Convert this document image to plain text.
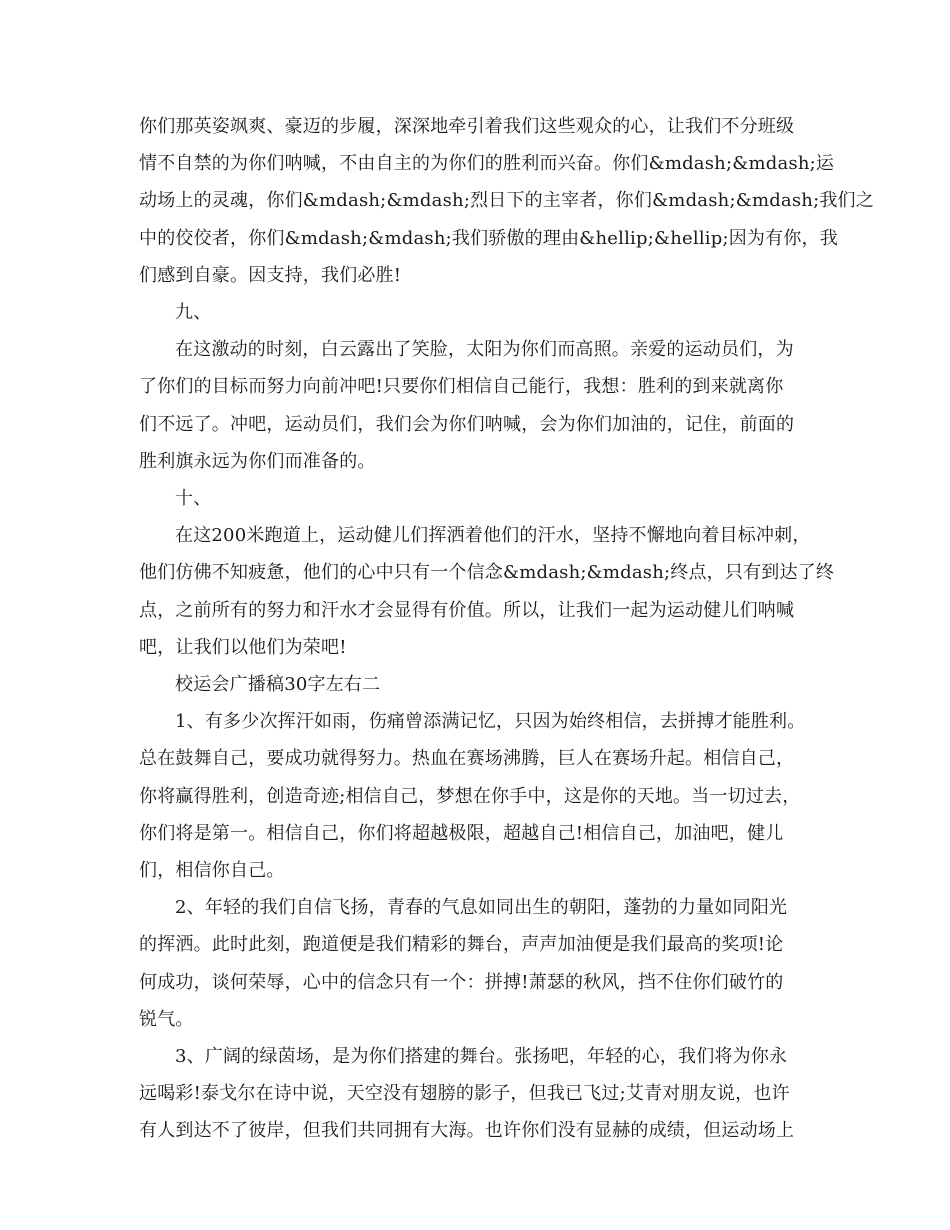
你们那英姿飒爽、豪迈的步履，深深地牵引着我们这些观众的心，让我们不分班级
情不自禁的为你们呐喊，不由自主的为你们的胜利而兴奋。你们&mdash;&mdash;运
动场上的灵魂，你们&mdash;&mdash;烈日下的主宰者，你们&mdash;&mdash;我们之
中的佼佼者，你们&mdash;&mdash;我们骄傲的理由&hellip;&hellip;因为有你，我
们感到自豪。因支持，我们必胜!
九、
在这激动的时刻，白云露出了笑脸，太阳为你们而高照。亲爱的运动员们，为
了你们的目标而努力向前冲吧!只要你们相信自己能行，我想：胜利的到来就离你
们不远了。冲吧，运动员们，我们会为你们呐喊，会为你们加油的，记住，前面的
胜利旗永远为你们而准备的。
十、
在这200米跑道上，运动健儿们挥洒着他们的汗水，坚持不懈地向着目标冲刺，
他们仿佛不知疲惫，他们的心中只有一个信念&mdash;&mdash;终点，只有到达了终
点，之前所有的努力和汗水才会显得有价值。所以，让我们一起为运动健儿们呐喊
吧，让我们以他们为荣吧!
校运会广播稿30字左右二
1、有多少次挥汗如雨，伤痛曾添满记忆，只因为始终相信，去拼搏才能胜利。
总在鼓舞自己，要成功就得努力。热血在赛场沸腾，巨人在赛场升起。相信自己，
你将赢得胜利，创造奇迹;相信自己，梦想在你手中，这是你的天地。当一切过去，
你们将是第一。相信自己，你们将超越极限，超越自己!相信自己，加油吧，健儿
们，相信你自己。
2、年轻的我们自信飞扬，青春的气息如同出生的朝阳，蓬勃的力量如同阳光
的挥洒。此时此刻，跑道便是我们精彩的舞台，声声加油便是我们最高的奖项!论
何成功，谈何荣辱，心中的信念只有一个：拼搏!萧瑟的秋风，挡不住你们破竹的
锐气。
3、广阔的绿茵场，是为你们搭建的舞台。张扬吧，年轻的心，我们将为你永
远喝彩!泰戈尔在诗中说，天空没有翅膀的影子，但我已飞过;艾青对朋友说，也许
有人到达不了彼岸，但我们共同拥有大海。也许你们没有显赫的成绩，但运动场上
